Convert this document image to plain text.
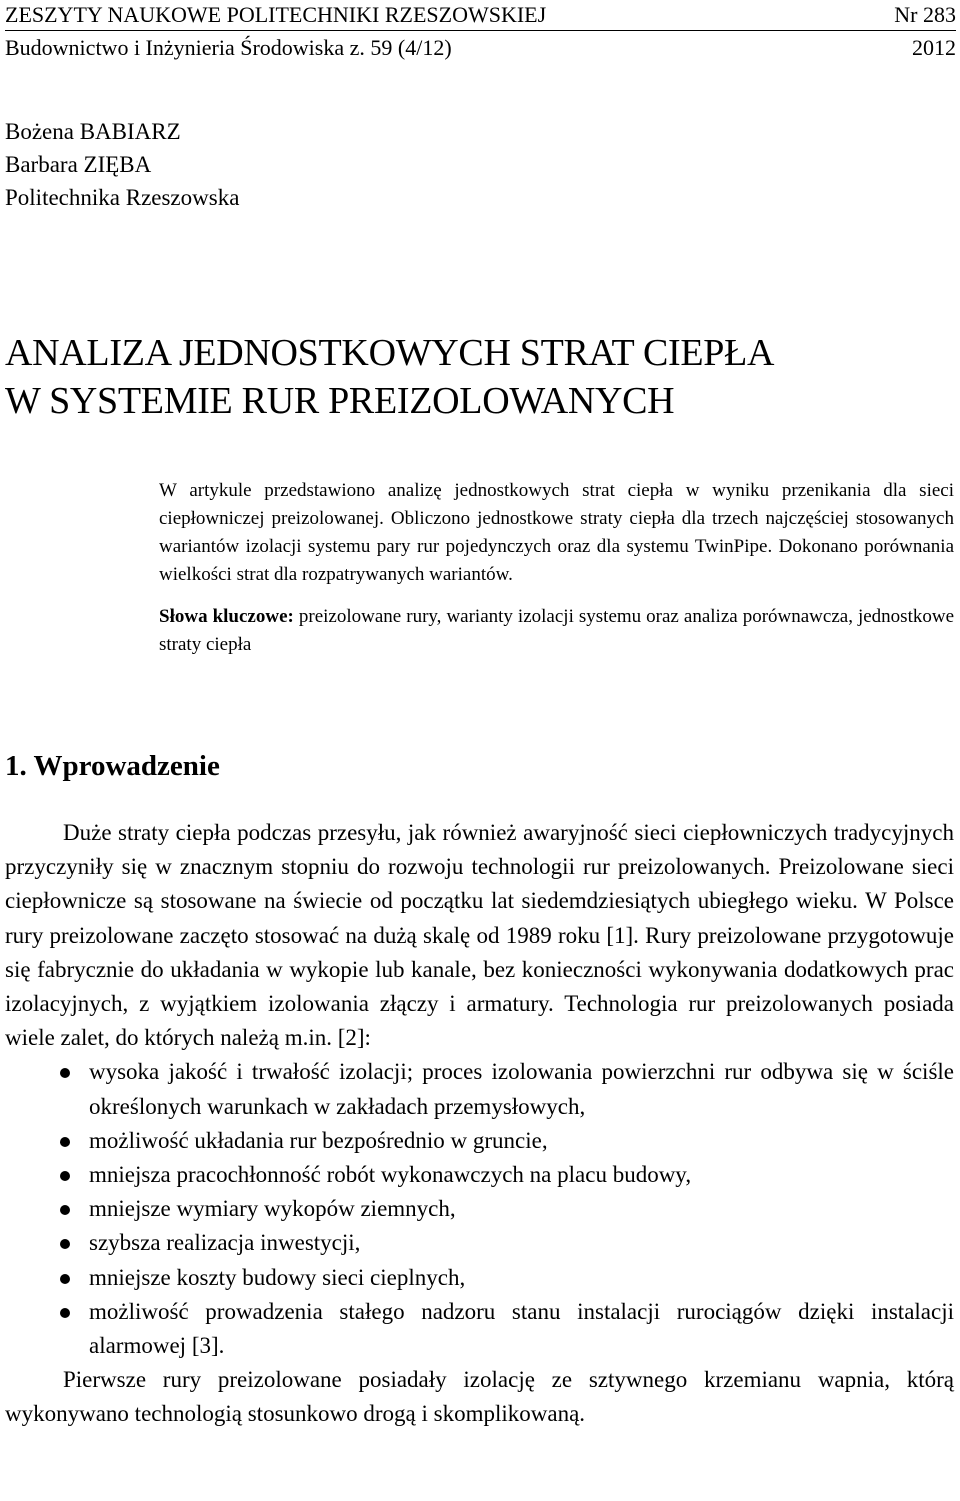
ZESZYTY NAUKOWE POLITECHNIKI RZESZOWSKIEJ	Nr 283
Budownictwo i Inżynieria Środowiska z. 59 (4/12)	2012
Bożena BABIARZ
Barbara ZIĘBA
Politechnika Rzeszowska
ANALIZA JEDNOSTKOWYCH STRAT CIEPŁA
W SYSTEMIE RUR PREIZOLOWANYCH

W artykule przedstawiono analizę jednostkowych strat ciepła w wyniku przenikania dla sieci ciepłowniczej preizolowanej. Obliczono jednostkowe straty ciepła dla trzech najczęściej stosowanych wariantów izolacji systemu pary rur pojedynczych oraz dla systemu TwinPipe. Dokonano porównania wielkości strat dla rozpatrywanych wariantów.

Słowa kluczowe: preizolowane rury, warianty izolacji systemu oraz analiza porównawcza, jednostkowe straty ciepła

1. Wprowadzenie

Duże straty ciepła podczas przesyłu, jak również awaryjność sieci ciepłowniczych tradycyjnych przyczyniły się w znacznym stopniu do rozwoju technologii rur preizolowanych. Preizolowane sieci ciepłownicze są stosowane na świecie od początku lat siedemdziesiątych ubiegłego wieku. W Polsce rury preizolowane zaczęto stosować na dużą skalę od 1989 roku [1]. Rury preizolowane przygotowuje się fabrycznie do układania w wykopie lub kanale, bez konieczności wykonywania dodatkowych prac izolacyjnych, z wyjątkiem izolowania złączy i armatury. Technologia rur preizolowanych posiada wiele zalet, do których należą m.in. [2]:

wysoka jakość i trwałość izolacji; proces izolowania powierzchni rur odbywa się w ściśle określonych warunkach w zakładach przemysłowych,
możliwość układania rur bezpośrednio w gruncie,
mniejsza pracochłonność robót wykonawczych na placu budowy,
mniejsze wymiary wykopów ziemnych,
szybsza realizacja inwestycji,
mniejsze koszty budowy sieci cieplnych,
możliwość prowadzenia stałego nadzoru stanu instalacji rurociągów dzięki instalacji alarmowej [3].

Pierwsze rury preizolowane posiadały izolację ze sztywnego krzemianu wapnia, którą wykonywano technologią stosunkowo drogą i skomplikowaną.
